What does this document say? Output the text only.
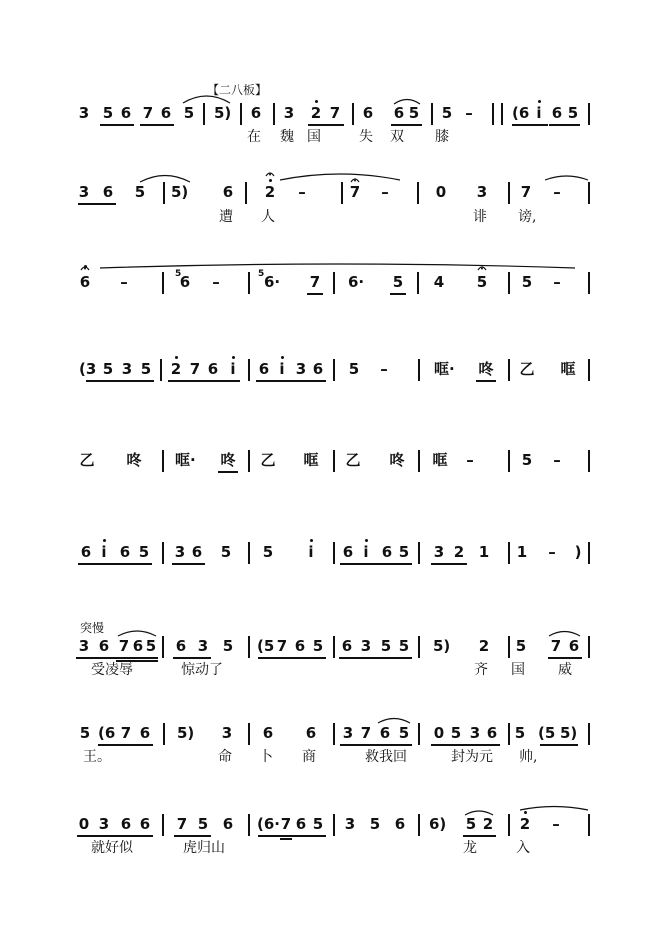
【二八板】
突慢
3 5 6 7 6 5 5) 6 3 2 7 6 6 5 5 –	(6 i 6 5
在 魏 国	失 双 膝
3 6 5 5) 6 2 –	7 –	0 3 7 –
遭 人	诽 谤,
6 –	6 –	6· 7 6· 5 4 5 5 –
5	5
(3 5 3 5 2 7 6 i	6 i 3 6 5 –	哐· 咚 乙 哐
乙 咚 哐· 咚 乙 哐 乙 咚 哐 –	5 –
6 i 6 5 3 6 5 5	i	6 i 6 5 3 2 1 1 –	)
3 6 7 6 5 6 3 5 (5 7 6 5 6 3 5 5 5) 2 5 7 6
受凌辱	惊动了	齐 国 威
5 (6 7 6 5) 3 6 6 3 7 6 5 0 5 3 6 5 (5 5)
王。	命 卜 商	救我回	封为元 帅,
0 3 6 6 7 5 6 (6· 7 6 5 3 5 6 6) 5 2 2 –
就好似	虎归山	龙	入
